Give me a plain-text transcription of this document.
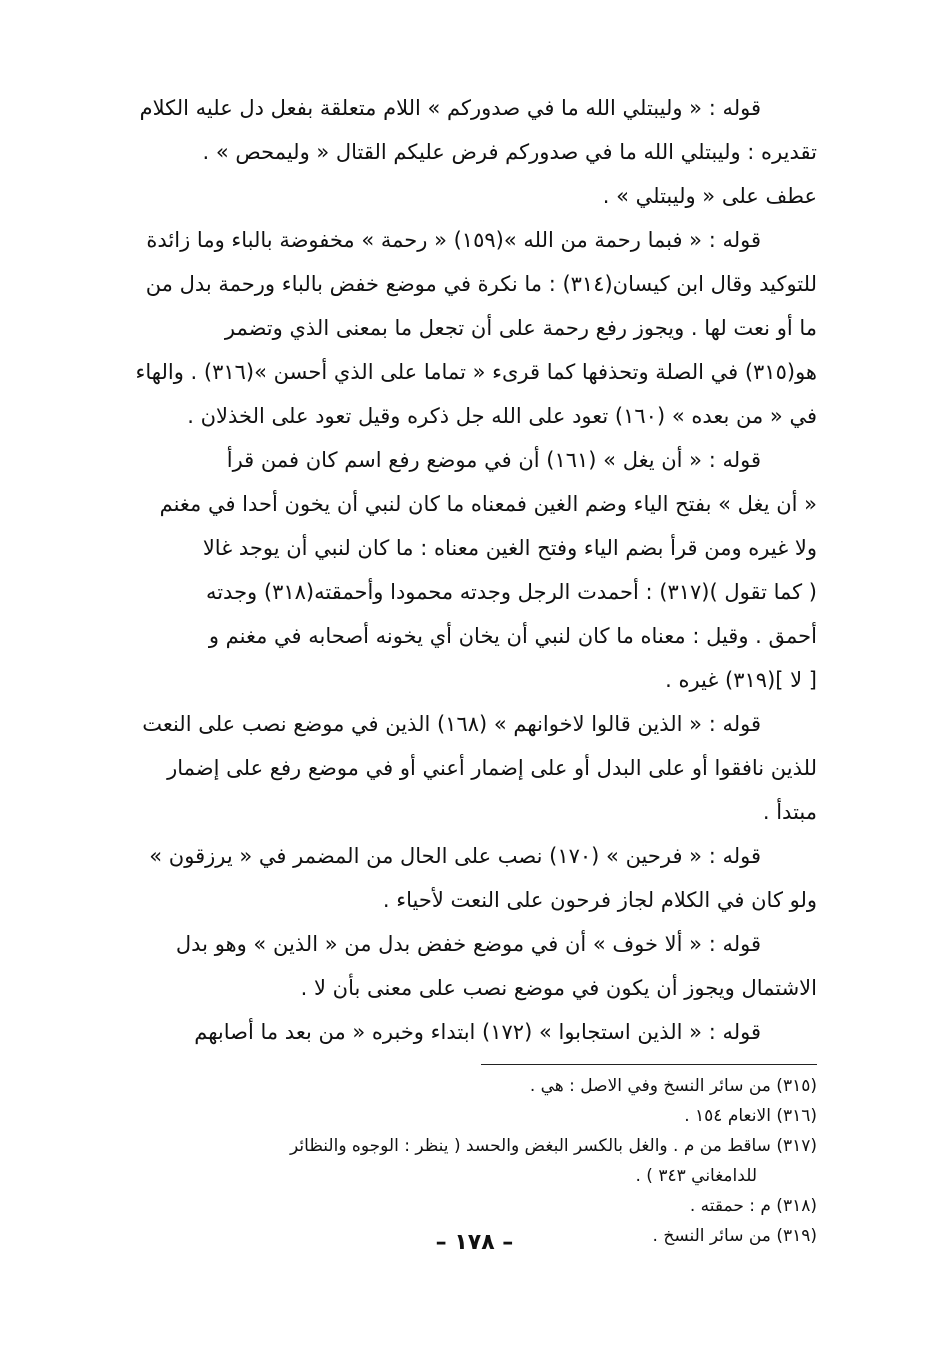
قوله : « وليبتلي الله ما في صدوركم » اللام متعلقة بفعل دل عليه الكلام
تقديره : وليبتلي الله ما في صدوركم فرض عليكم القتال « وليمحص » .
عطف على « وليبتلي » .

قوله : « فبما رحمة من الله »(١٥٩) « رحمة » مخفوضة بالباء وما زائدة
للتوكيد وقال ابن كيسان(٣١٤) : ما نكرة في موضع خفض بالباء ورحمة بدل من
ما أو نعت لها . ويجوز رفع رحمة على أن تجعل ما بمعنى الذي وتضمر
هو(٣١٥) في الصلة وتحذفها كما قرىء « تماما على الذي أحسن »(٣١٦) . والهاء
في « من بعده » (١٦٠) تعود على الله جل ذكره وقيل تعود على الخذلان .

قوله : « أن يغل » (١٦١) أن في موضع رفع اسم كان فمن قرأ
« أن يغل » بفتح الياء وضم الغين فمعناه ما كان لنبي أن يخون أحدا في مغنم
ولا غيره ومن قرأ بضم الياء وفتح الغين معناه : ما كان لنبي أن يوجد غالا
( كما تقول )(٣١٧) : أحمدت الرجل وجدته محمودا وأحمقته(٣١٨) وجدته
أحمق . وقيل : معناه ما كان لنبي أن يخان أي يخونه أصحابه في مغنم و
[ لا ](٣١٩) غيره .

قوله : « الذين قالوا لاخوانهم » (١٦٨) الذين في موضع نصب على النعت
للذين نافقوا أو على البدل أو على إضمار أعني أو في موضع رفع على إضمار
مبتدأ .

قوله : « فرحين » (١٧٠) نصب على الحال من المضمر في « يرزقون »
ولو كان في الكلام لجاز فرحون على النعت لأحياء .

قوله : « ألا خوف » أن في موضع خفض بدل من « الذين » وهو بدل
الاشتمال ويجوز أن يكون في موضع نصب على معنى بأن لا .

قوله : « الذين استجابوا » (١٧٢) ابتداء وخبره « من بعد ما أصابهم

(٣١٥) من سائر النسخ وفي الاصل : هي .

(٣١٦) الانعام ١٥٤ .

(٣١٧) ساقط من م . والغل بالكسر البغض والحسد ( ينظر : الوجوه والنظائر
للدامغاني ٣٤٣ ) .

(٣١٨) م : حمقته .

(٣١٩) من سائر النسخ .

– ١٧٨ –
